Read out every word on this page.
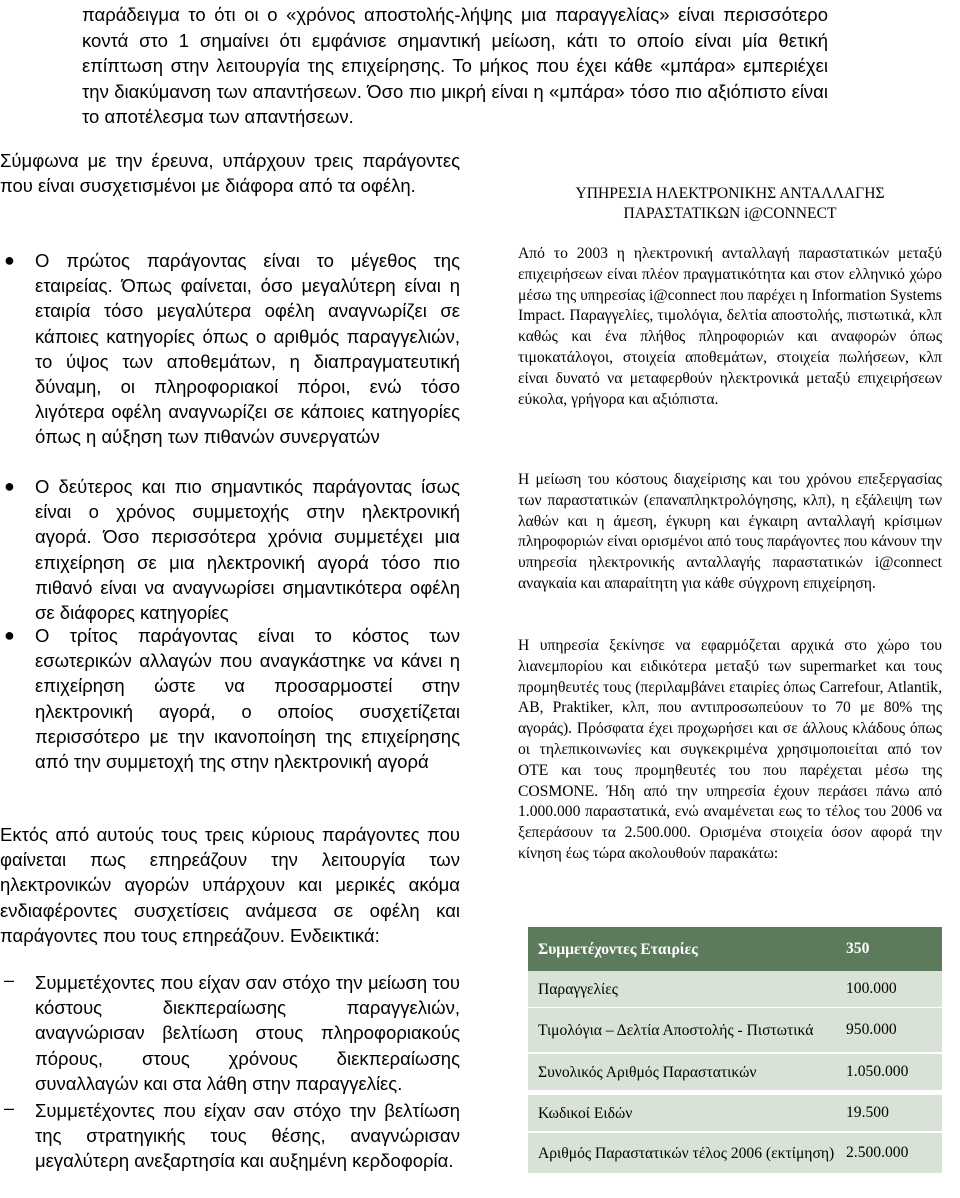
παράδειγμα το ότι οι ο «χρόνος αποστολής-λήψης μια παραγγελίας» είναι περισσότερο κοντά στο 1 σημαίνει ότι εμφάνισε σημαντική μείωση, κάτι το οποίο είναι μία θετική επίπτωση στην λειτουργία της επιχείρησης. Το μήκος που έχει κάθε «μπάρα» εμπεριέχει την διακύμανση των απαντήσεων. Όσο πιο μικρή είναι η «μπάρα» τόσο πιο αξιόπιστο είναι το αποτέλεσμα των απαντήσεων.

Σύμφωνα με την έρευνα, υπάρχουν τρεις παράγοντες που είναι συσχετισμένοι με διάφορα από τα οφέλη.

● Ο πρώτος παράγοντας είναι το μέγεθος της εταιρείας. Όπως φαίνεται, όσο μεγαλύτερη είναι η εταιρία τόσο μεγαλύτερα οφέλη αναγνωρίζει σε κάποιες κατηγορίες όπως ο αριθμός παραγγελιών, το ύψος των αποθεμάτων, η διαπραγματευτική δύναμη, οι πληροφοριακοί πόροι, ενώ τόσο λιγότερα οφέλη αναγνωρίζει σε κάποιες κατηγορίες όπως η αύξηση των πιθανών συνεργατών

● Ο δεύτερος και πιο σημαντικός παράγοντας ίσως είναι ο χρόνος συμμετοχής στην ηλεκτρονική αγορά. Όσο περισσότερα χρόνια συμμετέχει μια επιχείρηση σε μια ηλεκτρονική αγορά τόσο πιο πιθανό είναι να αναγνωρίσει σημαντικότερα οφέλη σε διάφορες κατηγορίες

● Ο τρίτος παράγοντας είναι το κόστος των εσωτερικών αλλαγών που αναγκάστηκε να κάνει η επιχείρηση ώστε να προσαρμοστεί στην ηλεκτρονική αγορά, ο οποίος συσχετίζεται περισσότερο με την ικανοποίηση της επιχείρησης από την συμμετοχή της στην ηλεκτρονική αγορά

Εκτός από αυτούς τους τρεις κύριους παράγοντες που φαίνεται πως επηρεάζουν την λειτουργία των ηλεκτρονικών αγορών υπάρχουν και μερικές ακόμα ενδιαφέροντες συσχετίσεις ανάμεσα σε οφέλη και παράγοντες που τους επηρεάζουν. Ενδεικτικά:

– Συμμετέχοντες που είχαν σαν στόχο την μείωση του κόστους διεκπεραίωσης παραγγελιών, αναγνώρισαν βελτίωση στους πληροφοριακούς πόρους, στους χρόνους διεκπεραίωσης συναλλαγών και στα λάθη στην παραγγελίες.

– Συμμετέχοντες που είχαν σαν στόχο την βελτίωση της στρατηγικής τους θέσης, αναγνώρισαν μεγαλύτερη ανεξαρτησία και αυξημένη κερδοφορία.

ΥΠΗΡΕΣΙΑ ΗΛΕΚΤΡΟΝΙΚΗΣ ΑΝΤΑΛΛΑΓΗΣ
ΠΑΡΑΣΤΑΤΙΚΩΝ i@CONNECT

Από το 2003 η ηλεκτρονική ανταλλαγή παραστατικών μεταξύ επιχειρήσεων είναι πλέον πραγματικότητα και στον ελληνικό χώρο μέσω της υπηρεσίας i@connect που παρέχει η Information Systems Impact. Παραγγελίες, τιμολόγια, δελτία αποστολής, πιστωτικά, κλπ καθώς και ένα πλήθος πληροφοριών και αναφορών όπως τιμοκατάλογοι, στοιχεία αποθεμάτων, στοιχεία πωλήσεων, κλπ είναι δυνατό να μεταφερθούν ηλεκτρονικά μεταξύ επιχειρήσεων εύκολα, γρήγορα και αξιόπιστα.

Η μείωση του κόστους διαχείρισης και του χρόνου επεξεργασίας των παραστατικών (επαναπληκτρολόγησης, κλπ), η εξάλειψη των λαθών και η άμεση, έγκυρη και έγκαιρη ανταλλαγή κρίσιμων πληροφοριών είναι ορισμένοι από τους παράγοντες που κάνουν την υπηρεσία ηλεκτρονικής ανταλλαγής παραστατικών i@connect αναγκαία και απαραίτητη για κάθε σύγχρονη επιχείρηση.

Η υπηρεσία ξεκίνησε να εφαρμόζεται αρχικά στο χώρο του λιανεμπορίου και ειδικότερα μεταξύ των supermarket και τους προμηθευτές τους (περιλαμβάνει εταιρίες όπως Carrefour, Atlantik, AB, Praktiker, κλπ, που αντιπροσωπεύουν το 70 με 80% της αγοράς). Πρόσφατα έχει προχωρήσει και σε άλλους κλάδους όπως οι τηλεπικοινωνίες και συγκεκριμένα χρησιμοποιείται από τον ΟΤΕ και τους προμηθευτές του που παρέχεται μέσω της COSMONE. Ήδη από την υπηρεσία έχουν περάσει πάνω από 1.000.000 παραστατικά, ενώ αναμένεται εως το τέλος του 2006 να ξεπεράσουν τα 2.500.000. Ορισμένα στοιχεία όσον αφορά την κίνηση έως τώρα ακολουθούν παρακάτω:

Συμμετέχοντες Εταιρίες	350
Παραγγελίες	100.000
Τιμολόγια – Δελτία Αποστολής - Πιστωτικά	950.000
Συνολικός Αριθμός Παραστατικών	1.050.000
Κωδικοί Ειδών	19.500
Αριθμός Παραστατικών τέλος 2006 (εκτίμηση) 2.500.000
